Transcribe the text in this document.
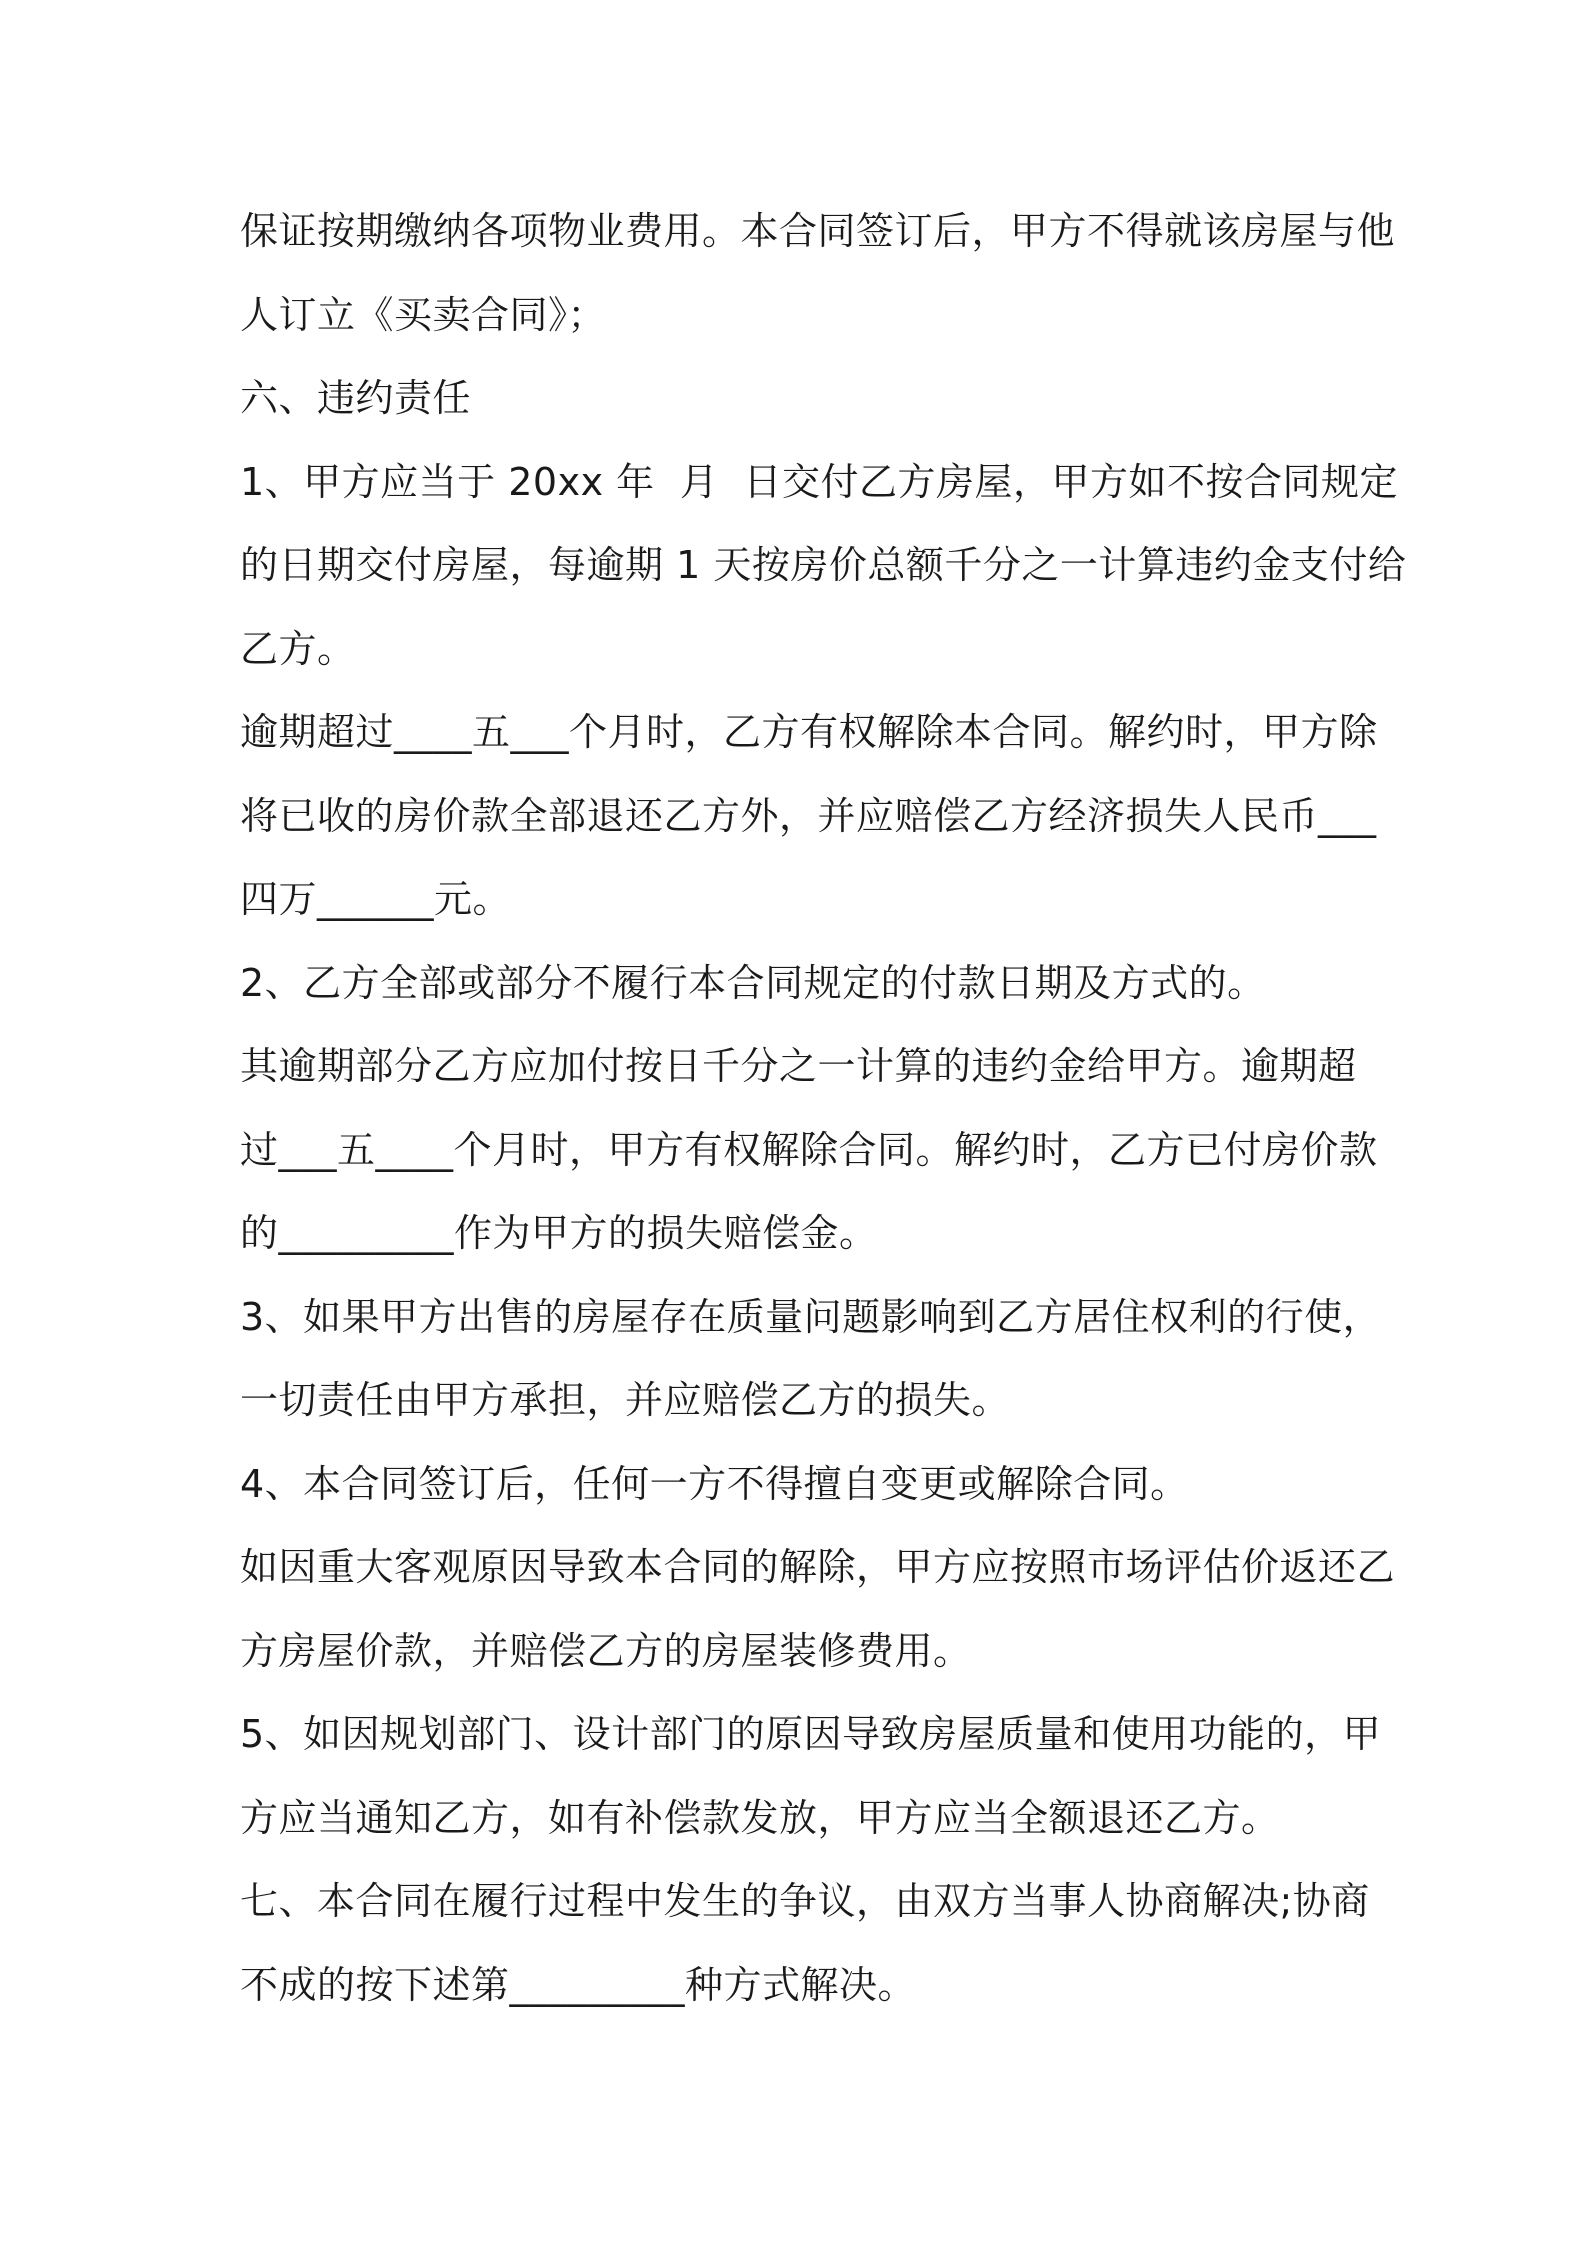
保证按期缴纳各项物业费用。本合同签订后，甲方不得就该房屋与他
人订立《买卖合同》；
六、违约责任
1、甲方应当于 20xx 年  月  日交付乙方房屋，甲方如不按合同规定
的日期交付房屋，每逾期 1 天按房价总额千分之一计算违约金支付给
乙方。
逾期超过____五___个月时，乙方有权解除本合同。解约时，甲方除
将已收的房价款全部退还乙方外，并应赔偿乙方经济损失人民币___
四万______元。
2、乙方全部或部分不履行本合同规定的付款日期及方式的。
其逾期部分乙方应加付按日千分之一计算的违约金给甲方。逾期超
过___五____个月时，甲方有权解除合同。解约时，乙方已付房价款
的_________作为甲方的损失赔偿金。
3、如果甲方出售的房屋存在质量问题影响到乙方居住权利的行使，
一切责任由甲方承担，并应赔偿乙方的损失。
4、本合同签订后，任何一方不得擅自变更或解除合同。
如因重大客观原因导致本合同的解除，甲方应按照市场评估价返还乙
方房屋价款，并赔偿乙方的房屋装修费用。
5、如因规划部门、设计部门的原因导致房屋质量和使用功能的，甲
方应当通知乙方，如有补偿款发放，甲方应当全额退还乙方。
七、本合同在履行过程中发生的争议，由双方当事人协商解决;协商
不成的按下述第_________种方式解决。
